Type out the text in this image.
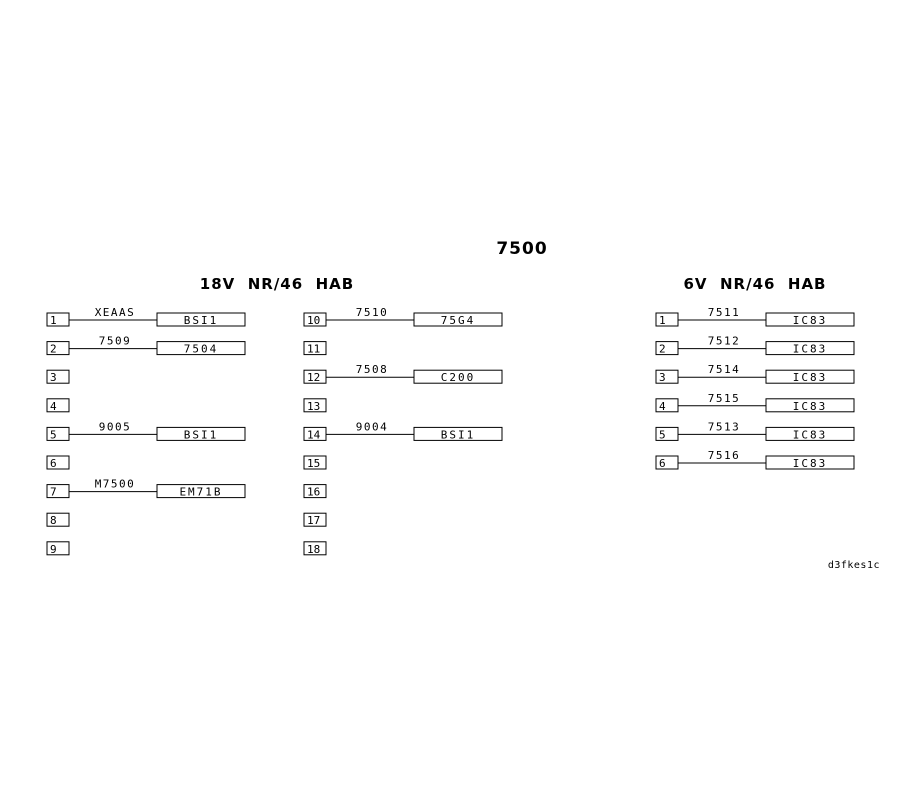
7500
18V  NR/46  HAB	6V  NR/46  HAB
1
XEAAS
BSI1
2
7509
7504
3
4
5
9005
BSI1
6
7
M7500
EM71B
8
9
10
7510
75G4
11
12
7508
C200
13
14
9004
BSI1
15
16
17
18
1
7511
IC83
2
7512
IC83
3
7514
IC83
4
7515
IC83
5
7513
IC83
6
7516
IC83
d3fkes1c
